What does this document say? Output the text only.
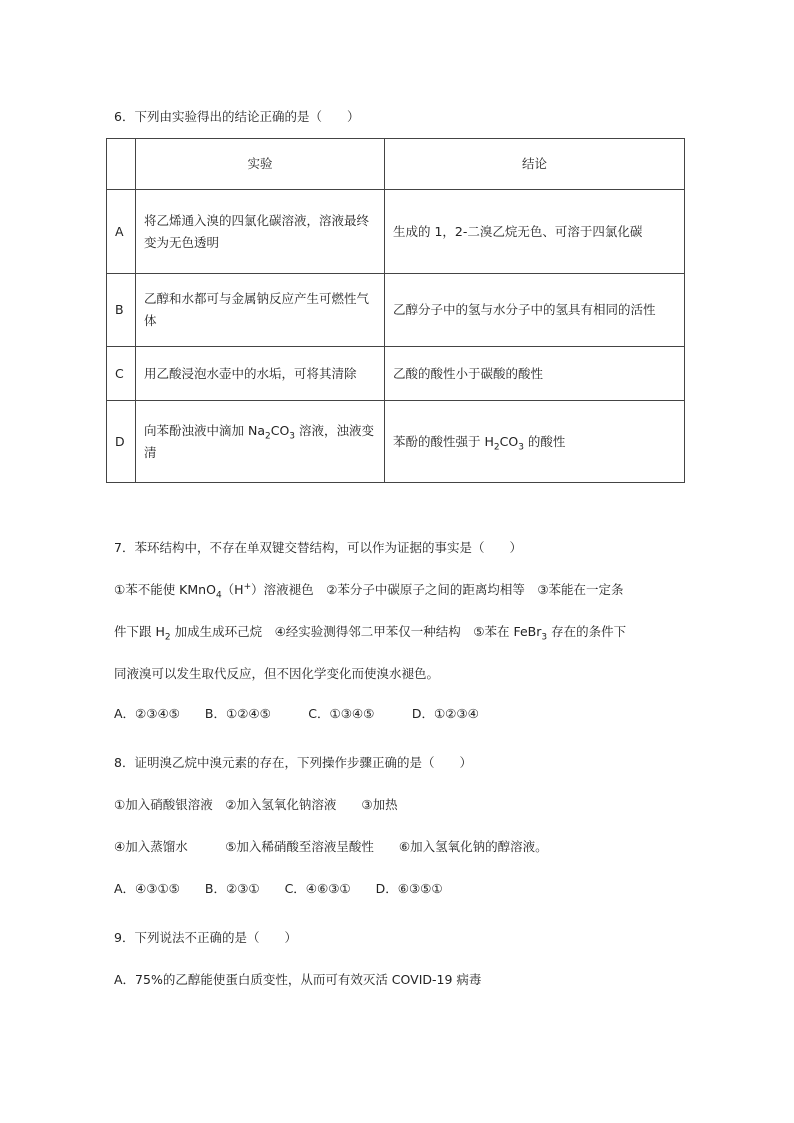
6．下列由实验得出的结论正确的是（　　）
	实验	结论
A	将乙烯通入溴的四氯化碳溶液，溶液最终变为无色透明	生成的 1，2-二溴乙烷无色、可溶于四氯化碳
B	乙醇和水都可与金属钠反应产生可燃性气体	乙醇分子中的氢与水分子中的氢具有相同的活性
C	用乙酸浸泡水壶中的水垢，可将其清除	乙酸的酸性小于碳酸的酸性
D	向苯酚浊液中滴加 $Na_2CO_3$ 溶液，浊液变清	苯酚的酸性强于 $H_2CO_3$ 的酸性
7．苯环结构中，不存在单双键交替结构，可以作为证据的事实是（　　）
①苯不能使 KMnO$_4$（H+）溶液褪色　②苯分子中碳原子之间的距离均相等　③苯能在一定条
件下跟 $H_2$ 加成生成环己烷　④经实验测得邻二甲苯仅一种结构　⑤苯在 FeBr$_3$ 存在的条件下
同液溴可以发生取代反应，但不因化学变化而使溴水褪色。
A．②③④⑤　　B．①②④⑤　　　C．①③④⑤　　　D．①②③④
8．证明溴乙烷中溴元素的存在，下列操作步骤正确的是（　　）
①加入硝酸银溶液　②加入氢氧化钠溶液　　③加热
④加入蒸馏水　　　⑤加入稀硝酸至溶液呈酸性　　⑥加入氢氧化钠的醇溶液。
A．④③①⑤　　B．②③①　　C．④⑥③①　　D．⑥③⑤①
9．下列说法不正确的是（　　）
A．75%的乙醇能使蛋白质变性，从而可有效灭活 COVID-19 病毒
